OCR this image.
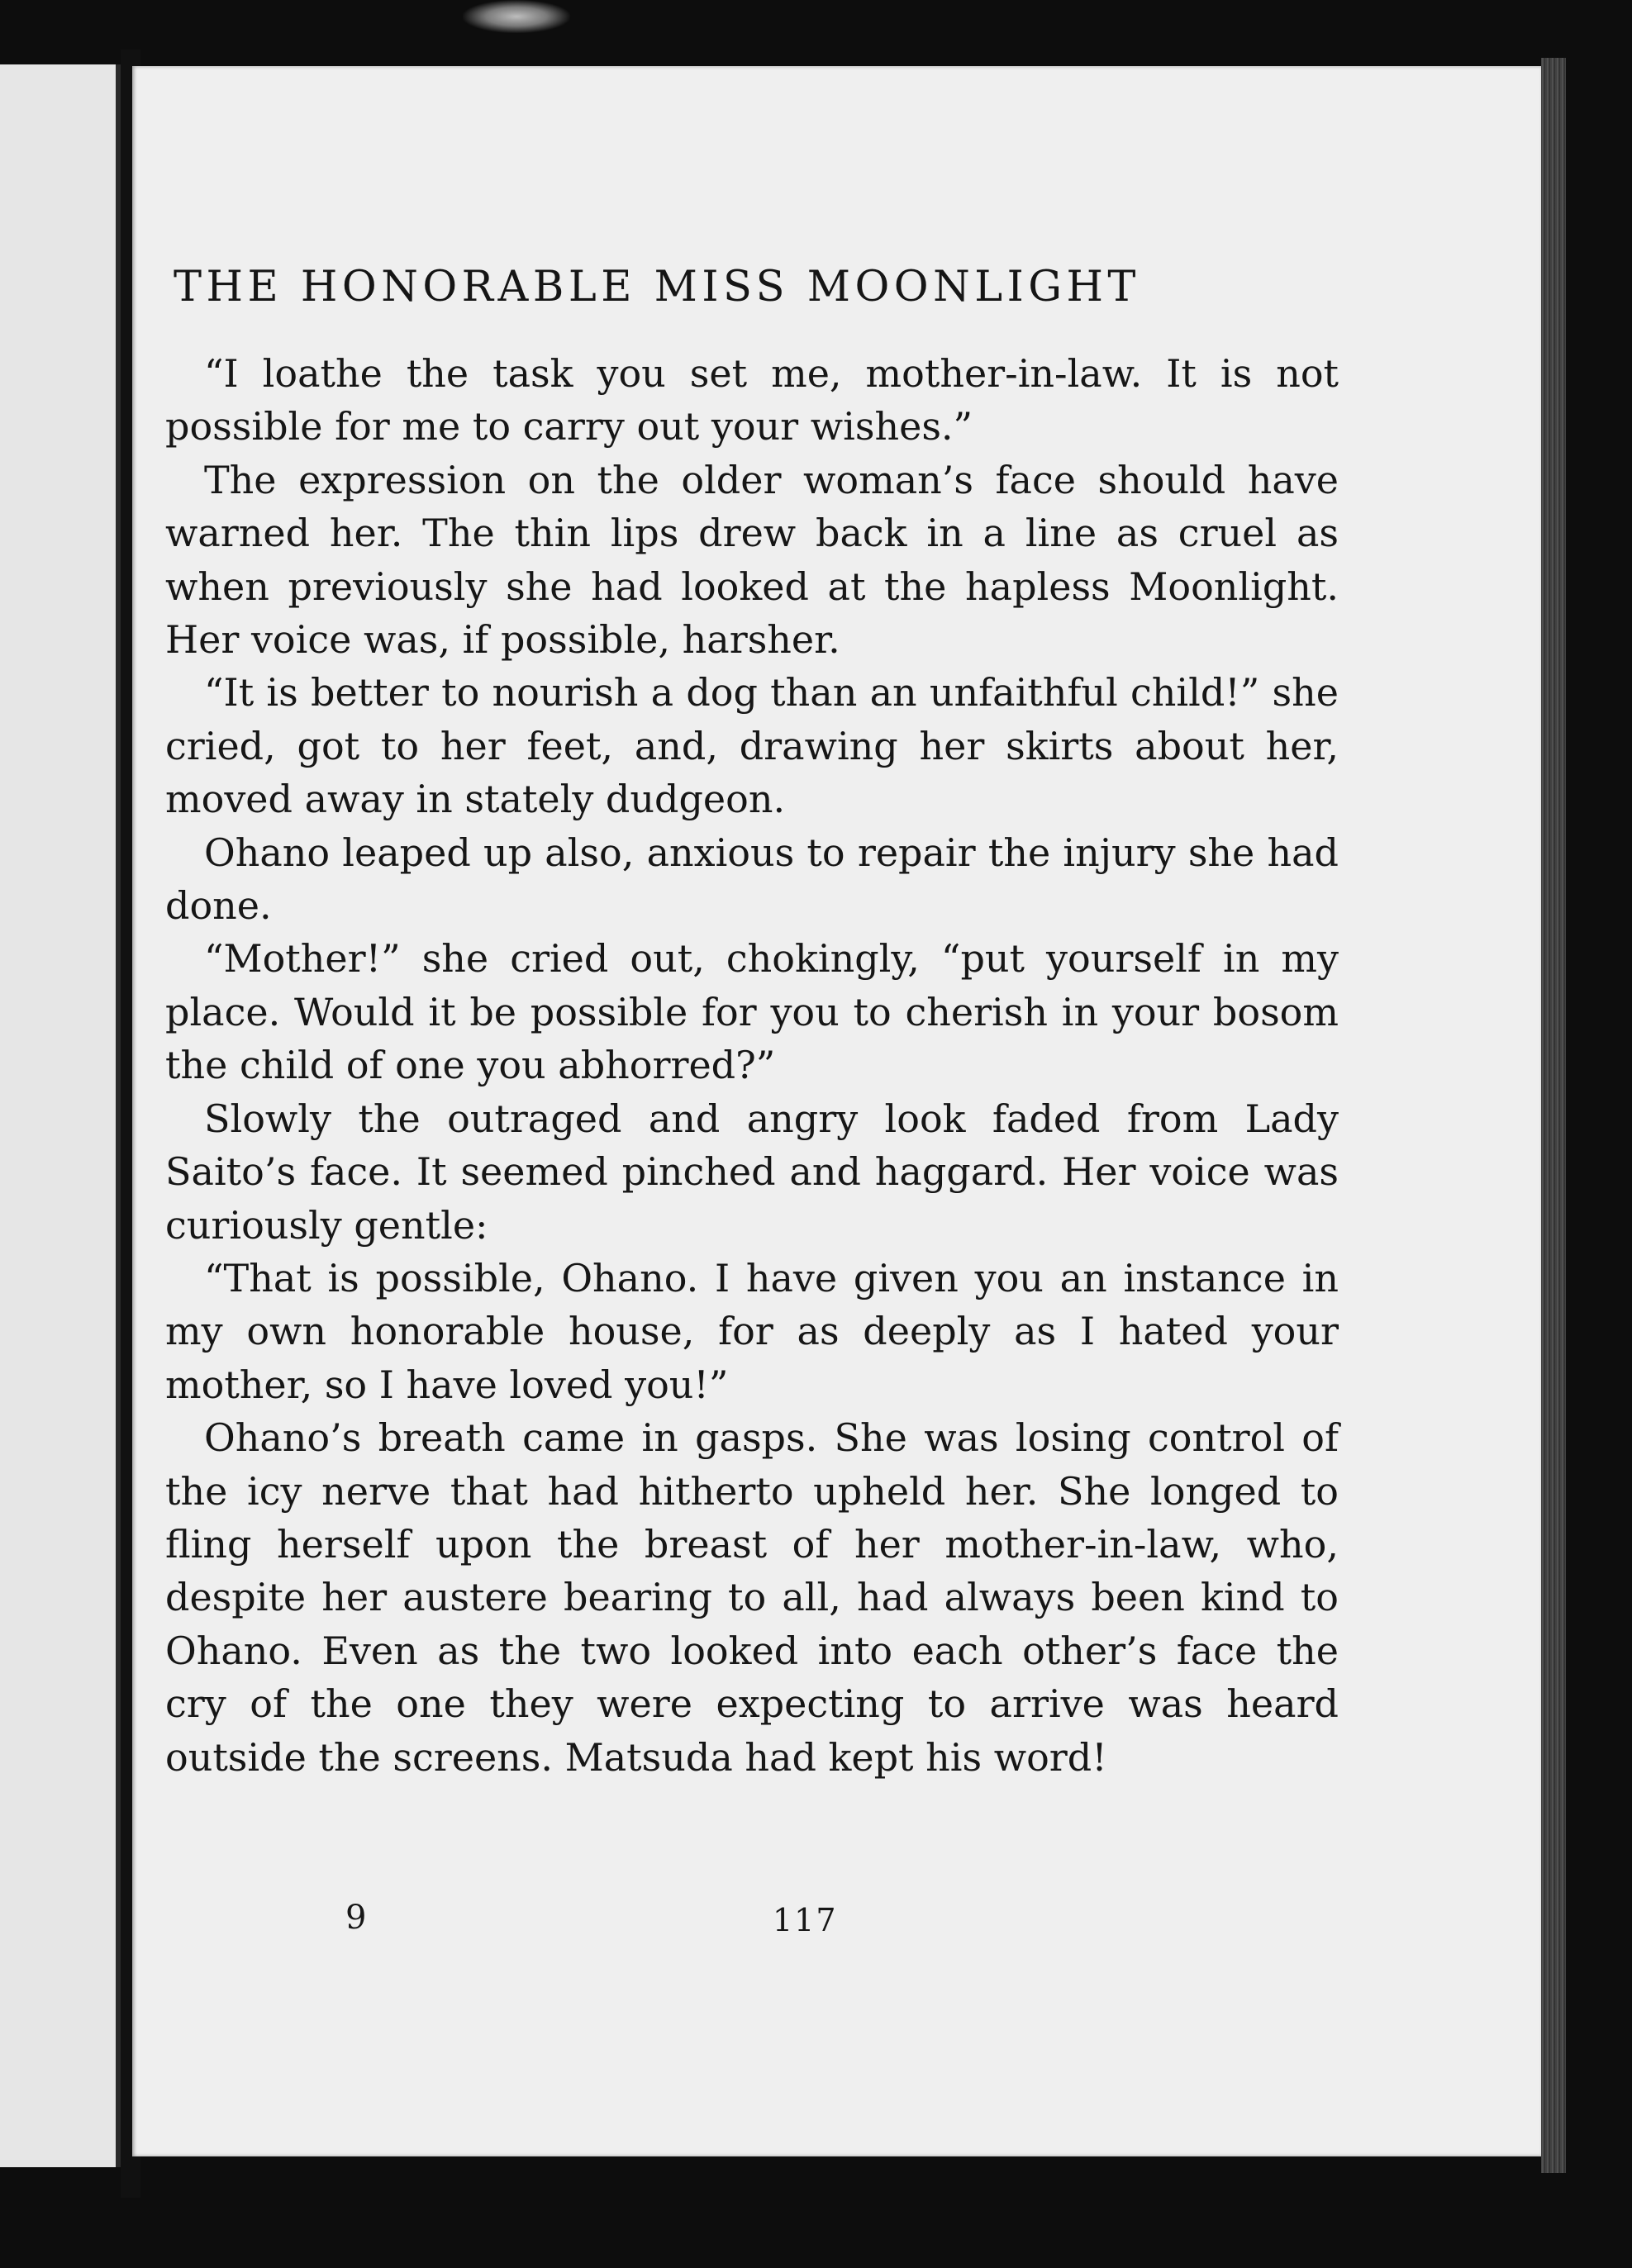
THE HONORABLE MISS MOONLIGHT

“I loathe the task you set me, mother-in-law. It is not possible for me to carry out your wishes.”

The expression on the older woman’s face should have warned her. The thin lips drew back in a line as cruel as when previously she had looked at the hapless Moonlight. Her voice was, if possible, harsher.

“It is better to nourish a dog than an unfaithful child!” she cried, got to her feet, and, drawing her skirts about her, moved away in stately dudgeon.

Ohano leaped up also, anxious to repair the injury she had done.

“Mother!” she cried out, chokingly, “put yourself in my place. Would it be possible for you to cherish in your bosom the child of one you abhorred?”

Slowly the outraged and angry look faded from Lady Saito’s face. It seemed pinched and haggard. Her voice was curiously gentle:

“That is possible, Ohano. I have given you an instance in my own honorable house, for as deeply as I hated your mother, so I have loved you!”

Ohano’s breath came in gasps. She was losing control of the icy nerve that had hitherto upheld her. She longed to fling herself upon the breast of her mother-in-law, who, despite her austere bearing to all, had always been kind to Ohano. Even as the two looked into each other’s face the cry of the one they were expecting to arrive was heard outside the screens. Matsuda had kept his word!

9	117
